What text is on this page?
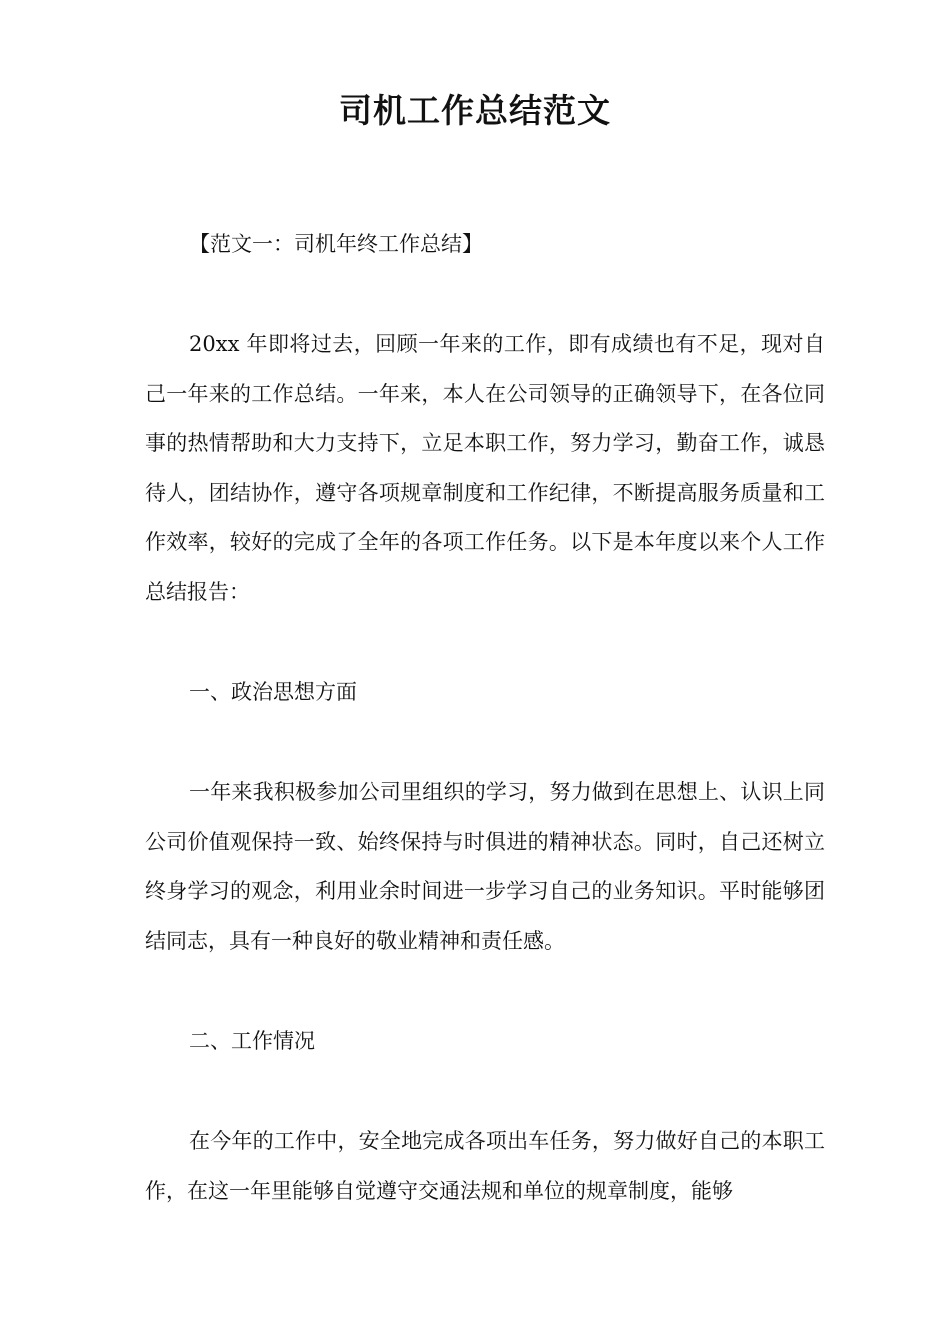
司机工作总结范文

【范文一：司机年终工作总结】

20xx 年即将过去，回顾一年来的工作，即有成绩也有不足，现对自己一年来的工作总结。一年来，本人在公司领导的正确领导下，在各位同事的热情帮助和大力支持下，立足本职工作，努力学习，勤奋工作，诚恳待人，团结协作，遵守各项规章制度和工作纪律，不断提高服务质量和工作效率，较好的完成了全年的各项工作任务。以下是本年度以来个人工作总结报告：

一、政治思想方面

一年来我积极参加公司里组织的学习，努力做到在思想上、认识上同公司价值观保持一致、始终保持与时俱进的精神状态。同时，自己还树立终身学习的观念，利用业余时间进一步学习自己的业务知识。平时能够团结同志，具有一种良好的敬业精神和责任感。

二、工作情况

在今年的工作中，安全地完成各项出车任务，努力做好自己的本职工作，在这一年里能够自觉遵守交通法规和单位的规章制度，能够
